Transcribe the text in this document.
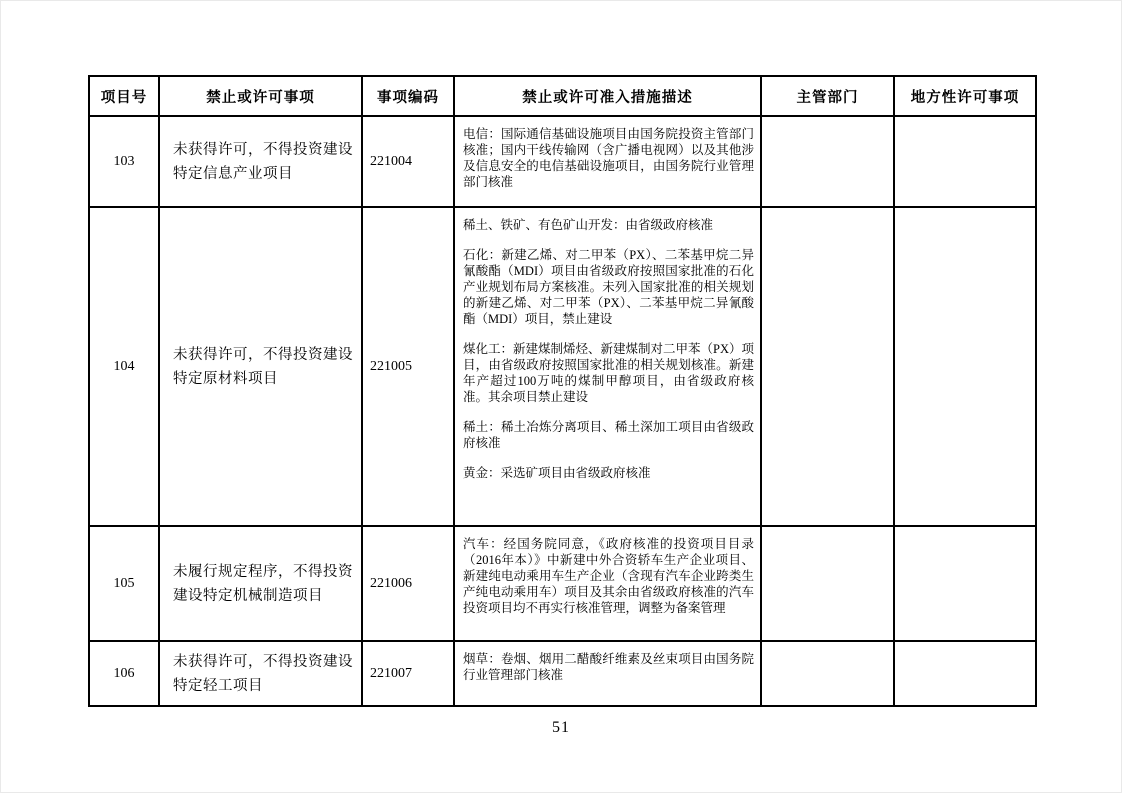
项目号	禁止或许可事项	事项编码	禁止或许可准入措施描述	主管部门	地方性许可事项
103	未获得许可，不得投资建设特定信息产业项目	221004	电信：国际通信基础设施项目由国务院投资主管部门核准；国内干线传输网（含广播电视网）以及其他涉及信息安全的电信基础设施项目，由国务院行业管理部门核准		

104	未获得许可，不得投资建设特定原材料项目	221005	稀土、铁矿、有色矿山开发：由省级政府核准

石化：新建乙烯、对二甲苯（PX）、二苯基甲烷二异氰酸酯（MDI）项目由省级政府按照国家批准的石化产业规划布局方案核准。未列入国家批准的相关规划的新建乙烯、对二甲苯（PX）、二苯基甲烷二异氰酸酯（MDI）项目，禁止建设

煤化工：新建煤制烯烃、新建煤制对二甲苯（PX）项目，由省级政府按照国家批准的相关规划核准。新建年产超过100万吨的煤制甲醇项目，由省级政府核准。其余项目禁止建设

稀土：稀土冶炼分离项目、稀土深加工项目由省级政府核准

黄金：采选矿项目由省级政府核准		

105	未履行规定程序，不得投资建设特定机械制造项目	221006	汽车：经国务院同意，《政府核准的投资项目目录（2016年本）》中新建中外合资轿车生产企业项目、新建纯电动乘用车生产企业（含现有汽车企业跨类生产纯电动乘用车）项目及其余由省级政府核准的汽车投资项目均不再实行核准管理，调整为备案管理		

106	未获得许可，不得投资建设特定轻工项目	221007	烟草：卷烟、烟用二醋酸纤维素及丝束项目由国务院行业管理部门核准		

51
